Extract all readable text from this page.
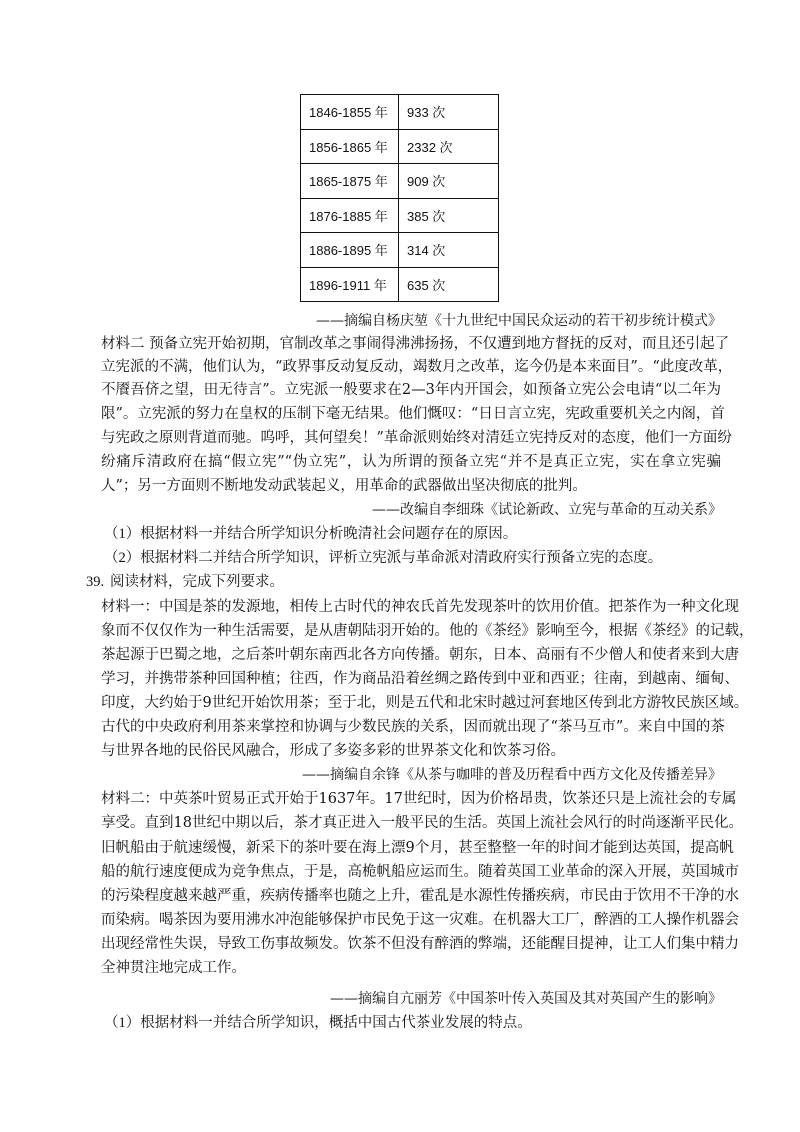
1846-1855 年	933 次
1856-1865 年	2332 次
1865-1875 年	909 次
1876-1885 年	385 次
1886-1895 年	314 次
1896-1911 年	635 次
——摘编自杨庆堃《十九世纪中国民众运动的若干初步统计模式》
材料二 预备立宪开始初期，官制改革之事闹得沸沸扬扬，不仅遭到地方督抚的反对，而且还引起了
立宪派的不满，他们认为，“政界事反动复反动，竭数月之改革，迄今仍是本来面目”。“此度改革，
不餍吾侪之望，田无待言”。立宪派一般要求在2—3年内开国会，如预备立宪公会电请“以二年为
限”。立宪派的努力在皇权的压制下毫无结果。他们慨叹：“日日言立宪，宪政重要机关之内阁，首
与宪政之原则背道而驰。呜呼，其何望矣！”革命派则始终对清廷立宪持反对的态度，他们一方面纷
纷痛斥清政府在搞“假立宪”“伪立宪”，认为所谓的预备立宪“并不是真正立宪，实在拿立宪骗
人”；另一方面则不断地发动武装起义，用革命的武器做出坚决彻底的批判。
——改编自李细珠《试论新政、立宪与革命的互动关系》
（1）根据材料一并结合所学知识分析晚清社会问题存在的原因。
（2）根据材料二并结合所学知识，评析立宪派与革命派对清政府实行预备立宪的态度。
39. 阅读材料，完成下列要求。
材料一：中国是茶的发源地，相传上古时代的神农氏首先发现茶叶的饮用价值。把茶作为一种文化现
象而不仅仅作为一种生活需要，是从唐朝陆羽开始的。他的《茶经》影响至今，根据《茶经》的记载，
茶起源于巴蜀之地，之后茶叶朝东南西北各方向传播。朝东，日本、高丽有不少僧人和使者来到大唐
学习，并携带茶种回国种植；往西，作为商品沿着丝绸之路传到中亚和西亚；往南，到越南、缅甸、
印度，大约始于9世纪开始饮用茶；至于北，则是五代和北宋时越过河套地区传到北方游牧民族区域。
古代的中央政府利用茶来掌控和协调与少数民族的关系，因而就出现了“茶马互市”。来自中国的茶
与世界各地的民俗民风融合，形成了多姿多彩的世界茶文化和饮茶习俗。
——摘编自余锋《从茶与咖啡的普及历程看中西方文化及传播差异》
材料二：中英茶叶贸易正式开始于1637年。17世纪时，因为价格昂贵，饮茶还只是上流社会的专属
享受。直到18世纪中期以后，茶才真正进入一般平民的生活。英国上流社会风行的时尚逐渐平民化。
旧帆船由于航速缓慢，新采下的茶叶要在海上漂9个月，甚至整整一年的时间才能到达英国，提高帆
船的航行速度便成为竞争焦点，于是，高桅帆船应运而生。随着英国工业革命的深入开展，英国城市
的污染程度越来越严重，疾病传播率也随之上升，霍乱是水源性传播疾病，市民由于饮用不干净的水
而染病。喝茶因为要用沸水冲泡能够保护市民免于这一灾难。在机器大工厂，醉酒的工人操作机器会
出现经常性失误，导致工伤事故频发。饮茶不但没有醉酒的弊端，还能醒目提神，让工人们集中精力
全神贯注地完成工作。
——摘编自亢丽芳《中国茶叶传入英国及其对英国产生的影响》
（1）根据材料一并结合所学知识，概括中国古代茶业发展的特点。
